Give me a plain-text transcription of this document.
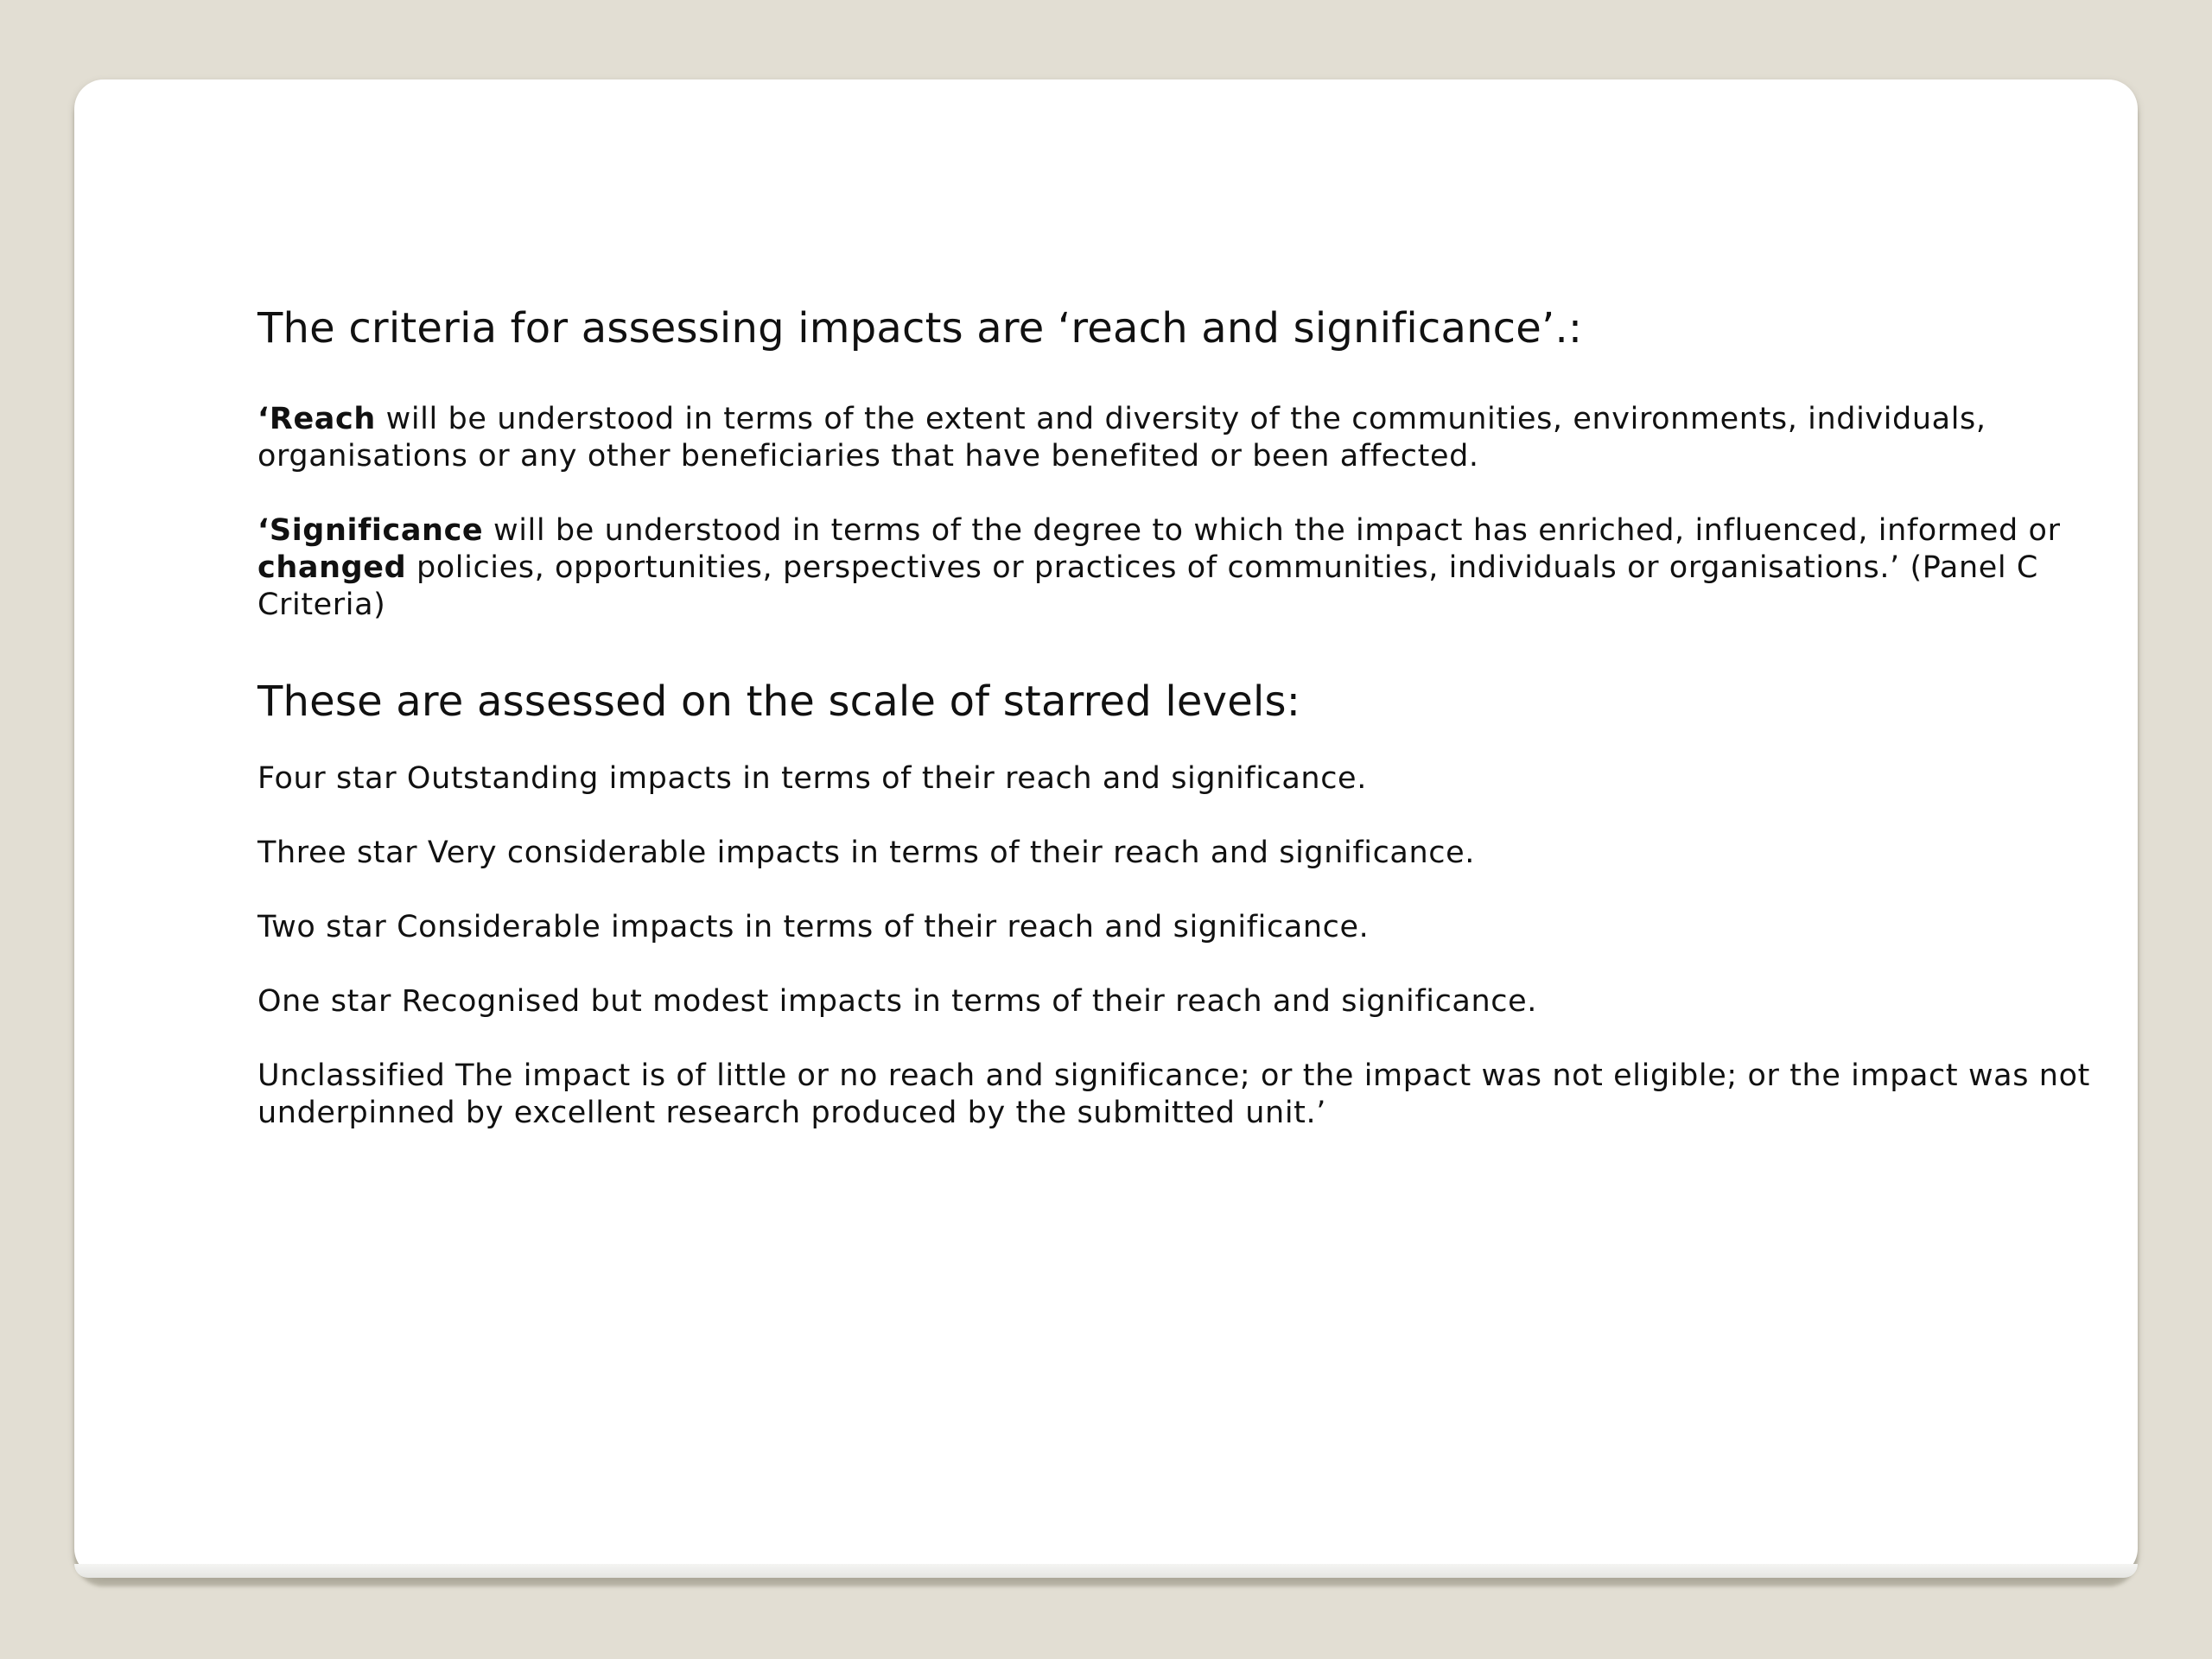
The criteria for assessing impacts are ‘reach and significance’.:

‘Reach will be understood in terms of the extent and diversity of the communities, environments, individuals, organisations or any other beneficiaries that have benefited or been affected.

‘Significance will be understood in terms of the degree to which the impact has enriched, influenced, informed or changed policies, opportunities, perspectives or practices of communities, individuals or organisations.’ (Panel C Criteria)

These are assessed on the scale of starred levels:

Four star Outstanding impacts in terms of their reach and significance.

Three star Very considerable impacts in terms of their reach and significance.

Two star Considerable impacts in terms of their reach and significance.

One star Recognised but modest impacts in terms of their reach and significance.

Unclassified The impact is of little or no reach and significance; or the impact was not eligible; or the impact was not underpinned by excellent research produced by the submitted unit.’
